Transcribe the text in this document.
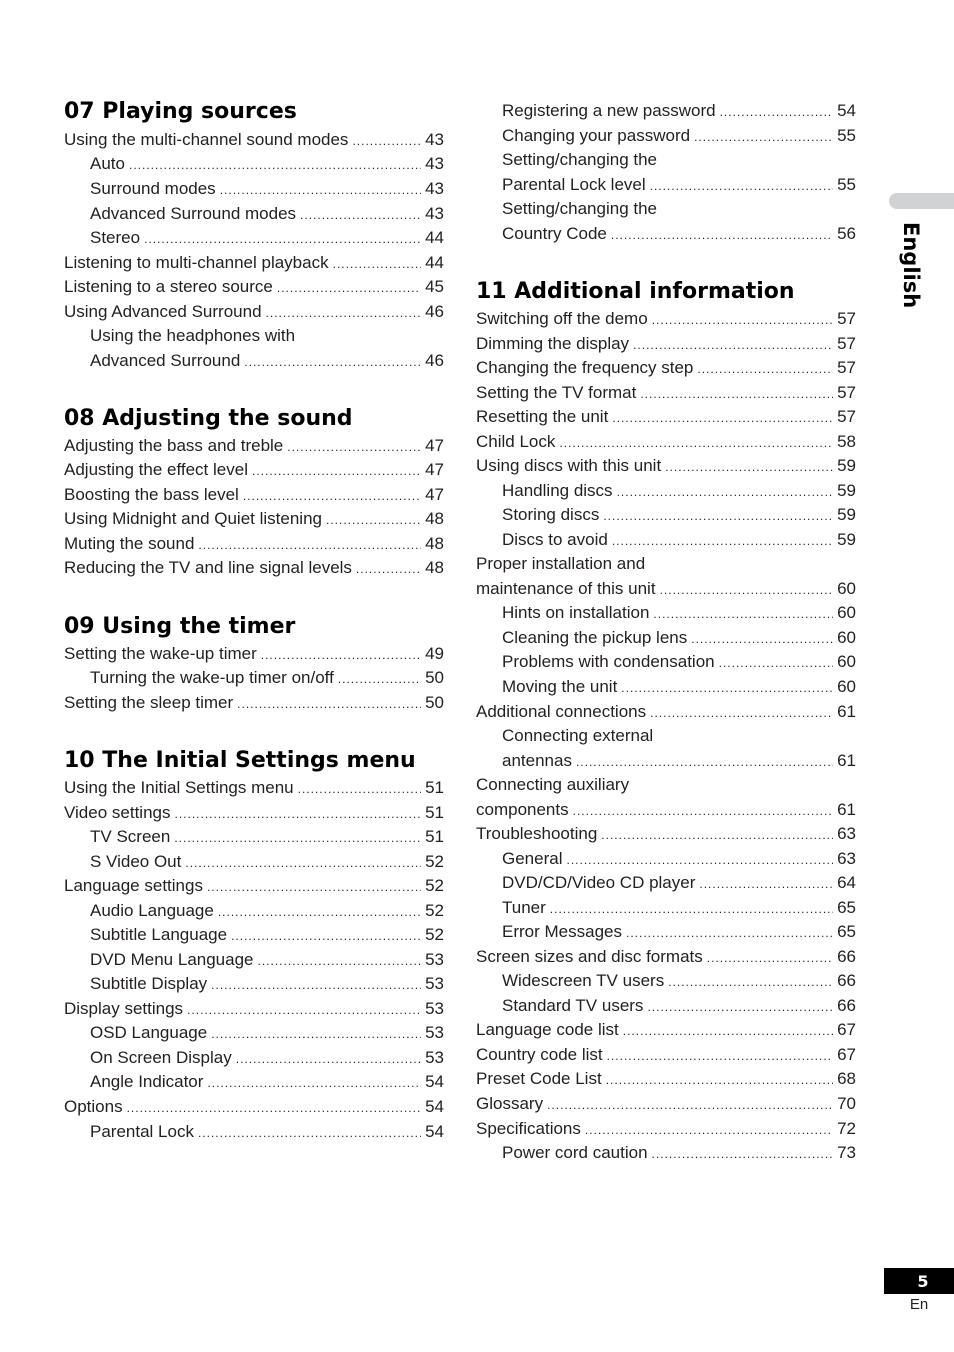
07 Playing sources
Using the multi-channel sound modes .....	43
Auto .....	43
Surround modes .....	43
Advanced Surround modes .....	43
Stereo .....	44
Listening to multi-channel playback .....	44
Listening to a stereo source .....	45
Using Advanced Surround .....	46
Using the headphones with
Advanced Surround .....	46
08 Adjusting the sound
Adjusting the bass and treble .....	47
Adjusting the effect level .....	47
Boosting the bass level .....	47
Using Midnight and Quiet listening .....	48
Muting the sound .....	48
Reducing the TV and line signal levels .....	48
09 Using the timer
Setting the wake-up timer .....	49
Turning the wake-up timer on/off .....	50
Setting the sleep timer .....	50
10 The Initial Settings menu
Using the Initial Settings menu .....	51
Video settings .....	51
TV Screen .....	51
S Video Out .....	52
Language settings .....	52
Audio Language .....	52
Subtitle Language .....	52
DVD Menu Language .....	53
Subtitle Display .....	53
Display settings .....	53
OSD Language .....	53
On Screen Display .....	53
Angle Indicator .....	54
Options .....	54
Parental Lock .....	54
Registering a new password .....	54
Changing your password .....	55
Setting/changing the
Parental Lock level .....	55
Setting/changing the
Country Code .....	56
11 Additional information
Switching off the demo .....	57
Dimming the display .....	57
Changing the frequency step .....	57
Setting the TV format .....	57
Resetting the unit .....	57
Child Lock .....	58
Using discs with this unit .....	59
Handling discs .....	59
Storing discs .....	59
Discs to avoid .....	59
Proper installation and
maintenance of this unit .....	60
Hints on installation .....	60
Cleaning the pickup lens .....	60
Problems with condensation .....	60
Moving the unit .....	60
Additional connections .....	61
Connecting external
antennas .....	61
Connecting auxiliary
components .....	61
Troubleshooting .....	63
General .....	63
DVD/CD/Video CD player .....	64
Tuner .....	65
Error Messages .....	65
Screen sizes and disc formats .....	66
Widescreen TV users .....	66
Standard TV users .....	66
Language code list .....	67
Country code list .....	67
Preset Code List .....	68
Glossary .....	70
Specifications .....	72
Power cord caution .....	73
English
5
En
